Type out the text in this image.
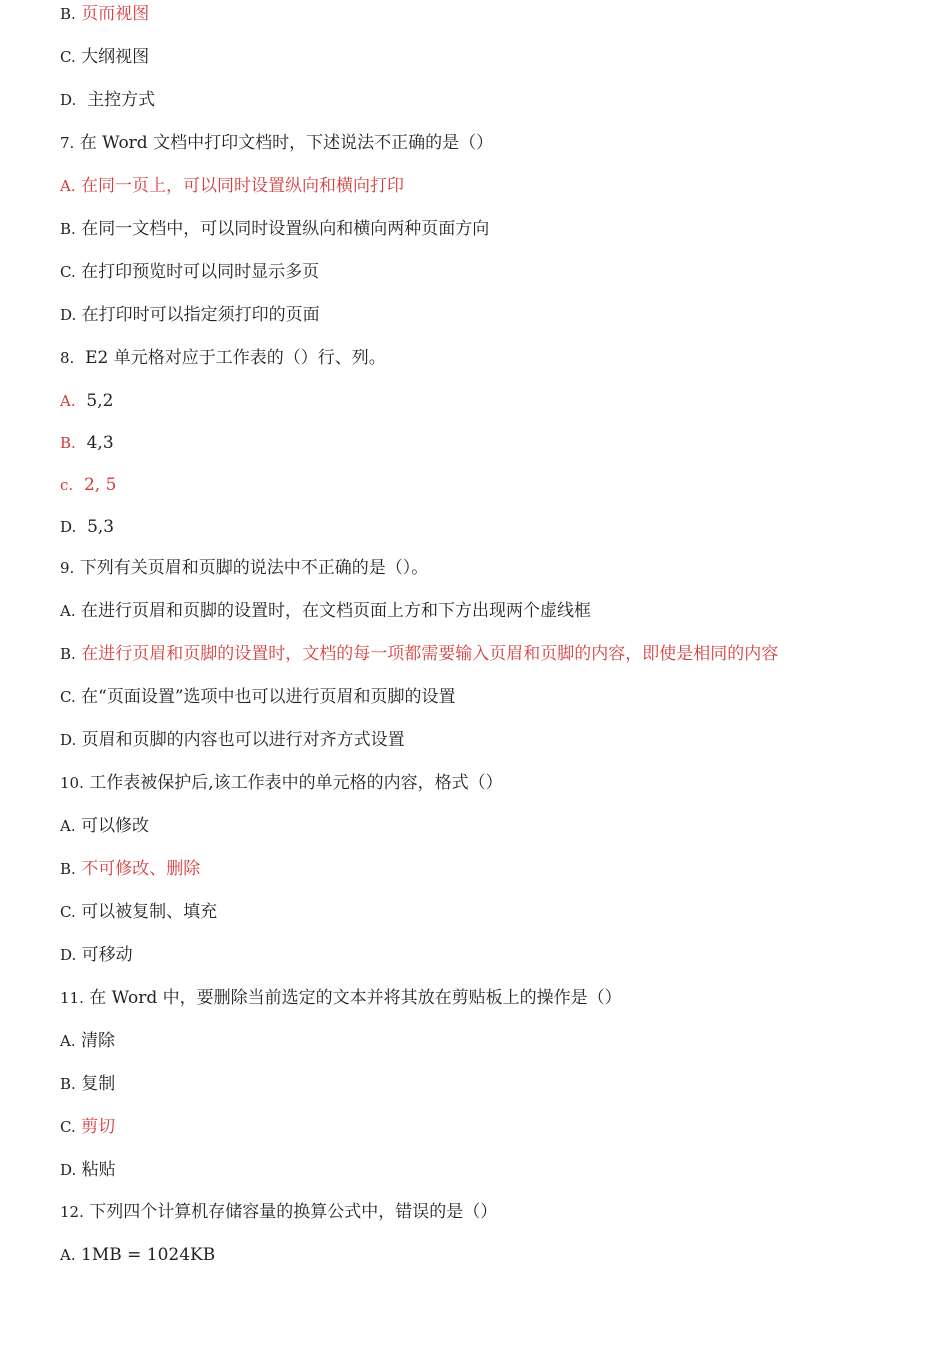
B. 页而视图
C. 大纲视图
D.  主控方式
7. 在 Word 文档中打印文档时，下述说法不正确的是（）
A. 在同一页上，可以同时设置纵向和横向打印
B. 在同一文档中，可以同时设置纵向和横向两种页面方向
C. 在打印预览时可以同时显示多页
D. 在打印时可以指定须打印的页面
8.  E2 单元格对应于工作表的（）行、列。
A.  5,2
B.  4,3
c.  2, 5
D.  5,3
9. 下列有关页眉和页脚的说法中不正确的是（）。
A. 在进行页眉和页脚的设置时，在文档页面上方和下方出现两个虚线框
B. 在进行页眉和页脚的设置时，文档的每一项都需要输入页眉和页脚的内容，即使是相同的内容
C. 在“页面设置”选项中也可以进行页眉和页脚的设置
D. 页眉和页脚的内容也可以进行对齐方式设置
10. 工作表被保护后,该工作表中的单元格的内容，格式（）
A. 可以修改
B. 不可修改、删除
C. 可以被复制、填充
D. 可移动
11. 在 Word 中，要删除当前选定的文本并将其放在剪贴板上的操作是（）
A. 清除
B. 复制
C. 剪切
D. 粘贴
12. 下列四个计算机存储容量的换算公式中，错误的是（）
A. 1MB = 1024KB
